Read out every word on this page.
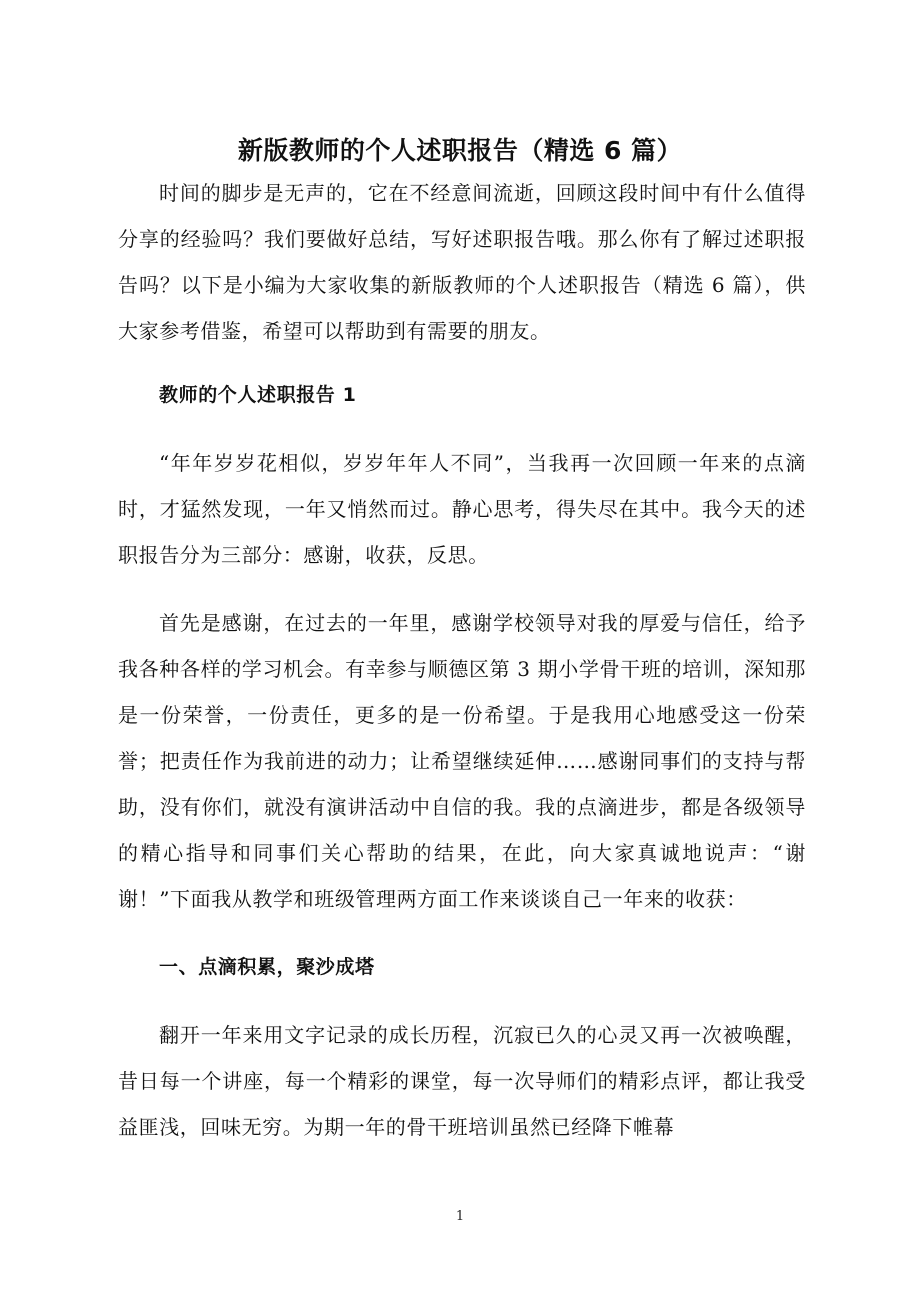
新版教师的个人述职报告（精选 6 篇）

时间的脚步是无声的，它在不经意间流逝，回顾这段时间中有什么值得分享的经验吗？我们要做好总结，写好述职报告哦。那么你有了解过述职报告吗？以下是小编为大家收集的新版教师的个人述职报告（精选 6 篇），供大家参考借鉴，希望可以帮助到有需要的朋友。

教师的个人述职报告 1

“年年岁岁花相似，岁岁年年人不同”，当我再一次回顾一年来的点滴时，才猛然发现，一年又悄然而过。静心思考，得失尽在其中。我今天的述职报告分为三部分：感谢，收获，反思。

首先是感谢，在过去的一年里，感谢学校领导对我的厚爱与信任，给予我各种各样的学习机会。有幸参与顺德区第 3 期小学骨干班的培训，深知那是一份荣誉，一份责任，更多的是一份希望。于是我用心地感受这一份荣誉；把责任作为我前进的动力；让希望继续延伸……感谢同事们的支持与帮助，没有你们，就没有演讲活动中自信的我。我的点滴进步，都是各级领导的精心指导和同事们关心帮助的结果，在此，向大家真诚地说声：“谢谢！”下面我从教学和班级管理两方面工作来谈谈自己一年来的收获：

一、点滴积累，聚沙成塔

翻开一年来用文字记录的成长历程，沉寂已久的心灵又再一次被唤醒，昔日每一个讲座，每一个精彩的课堂，每一次导师们的精彩点评，都让我受益匪浅，回味无穷。为期一年的骨干班培训虽然已经降下帷幕

1
